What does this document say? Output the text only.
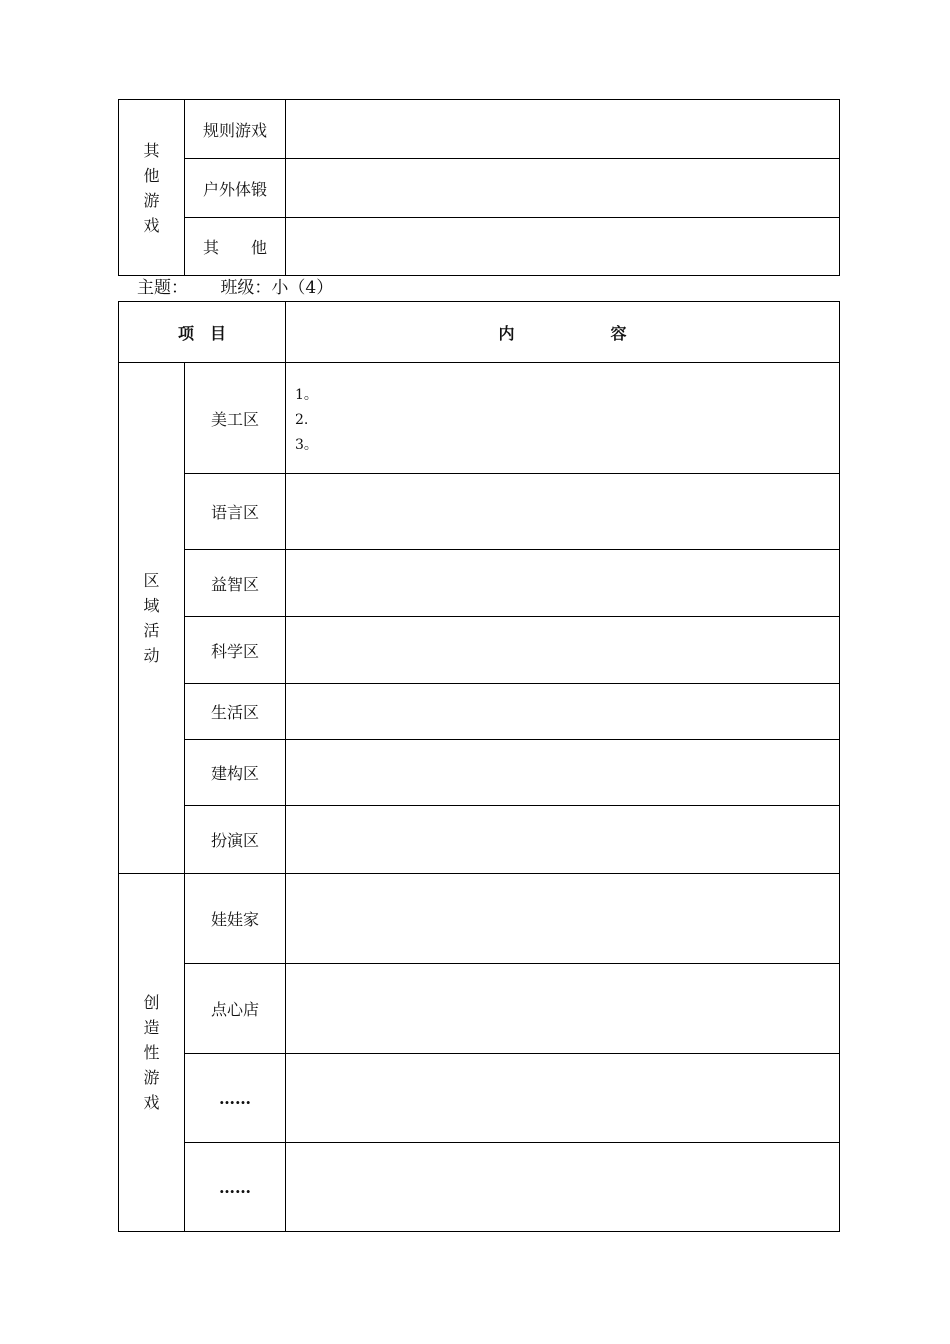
其他游戏	规则游戏	
	户外体锻	
	其　　他	
主题： 班级：小（4）
项　目		内　　　　　　容
区域活动	美工区	1。
2.
3。

	语言区	
	益智区	
	科学区	
	生活区	
	建构区	
	扮演区	
创造性游戏	娃娃家	
	点心店	
	……	
	……	
